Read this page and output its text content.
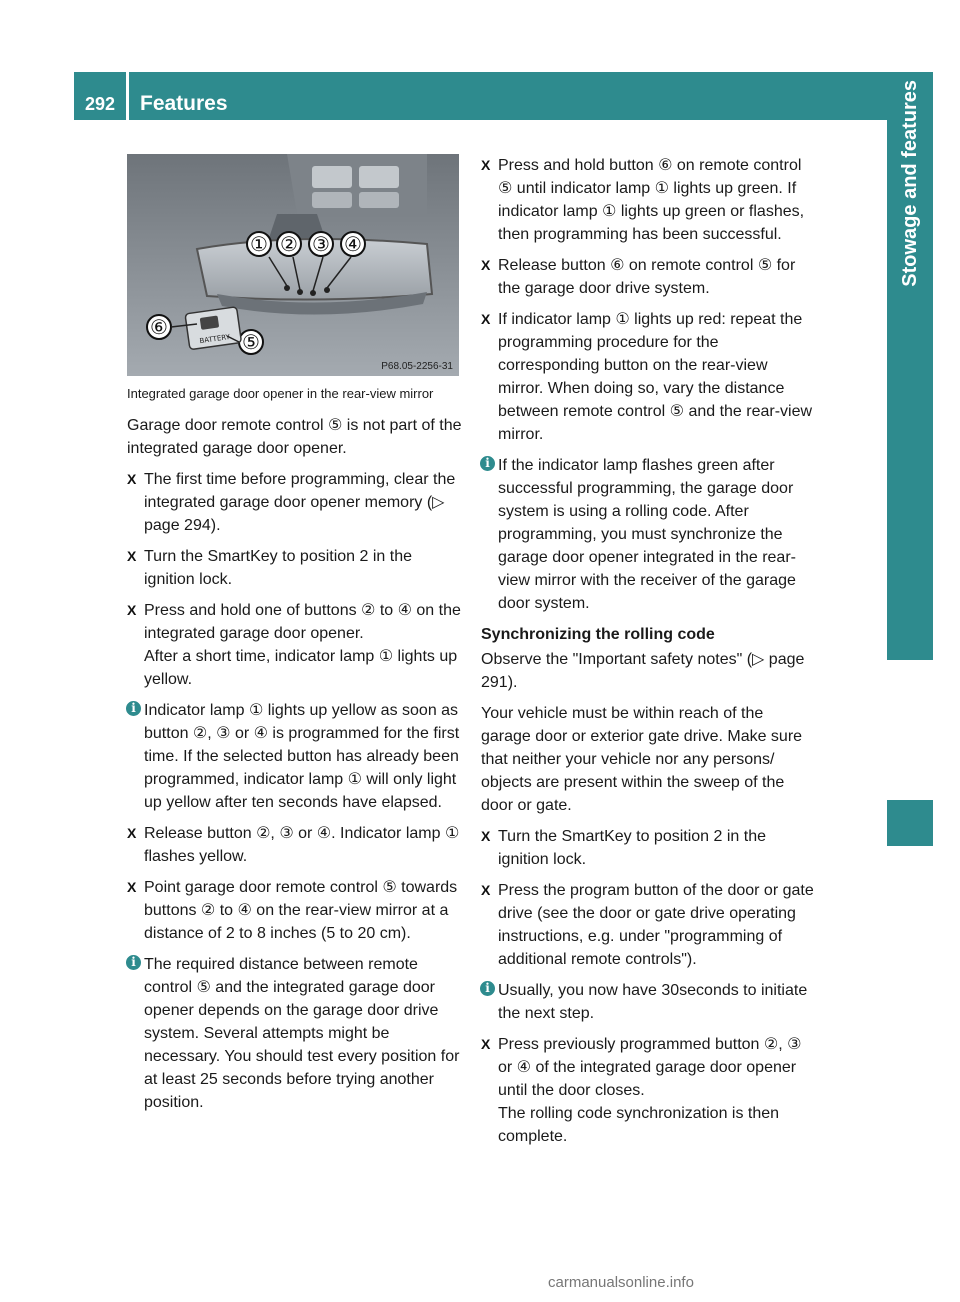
292	Features	Stowage and features
① ② ③ ④
⑤
⑥
BATTERY
P68.05-2256-31
Integrated garage door opener in the rear-view mirror

Garage door remote control ⑤ is not part of the integrated garage door opener.

X The first time before programming, clear the integrated garage door opener memory (▷ page 294).
X Turn the SmartKey to position 2 in the ignition lock.
X Press and hold one of buttons ② to ④ on the integrated garage door opener.
After a short time, indicator lamp ① lights up yellow.
i Indicator lamp ① lights up yellow as soon as button ②, ③ or ④ is programmed for the first time. If the selected button has already been programmed, indicator lamp ① will only light up yellow after ten seconds have elapsed.
X Release button ②, ③ or ④. Indicator lamp ① flashes yellow.
X Point garage door remote control ⑤ towards buttons ② to ④ on the rear-view mirror at a distance of 2 to 8 inches (5 to 20 cm).
i The required distance between remote control ⑤ and the integrated garage door opener depends on the garage door drive system. Several attempts might be necessary. You should test every position for at least 25 seconds before trying another position.
X Press and hold button ⑥ on remote control ⑤ until indicator lamp ① lights up green. If indicator lamp ① lights up green or flashes, then programming has been successful.
X Release button ⑥ on remote control ⑤ for the garage door drive system.
X If indicator lamp ① lights up red: repeat the programming procedure for the corresponding button on the rear-view mirror. When doing so, vary the distance between remote control ⑤ and the rear-view mirror.
i If the indicator lamp flashes green after successful programming, the garage door system is using a rolling code. After programming, you must synchronize the garage door opener integrated in the rear-view mirror with the receiver of the garage door system.
Synchronizing the rolling code

Observe the "Important safety notes" (▷ page 291).

Your vehicle must be within reach of the garage door or exterior gate drive. Make sure that neither your vehicle nor any persons/ objects are present within the sweep of the door or gate.

X Turn the SmartKey to position 2 in the ignition lock.
X Press the program button of the door or gate drive (see the door or gate drive operating instructions, e.g. under "programming of additional remote controls").
i Usually, you now have 30seconds to initiate the next step.
X Press previously programmed button ②, ③ or ④ of the integrated garage door opener until the door closes.
The rolling code synchronization is then complete.
carmanualsonline.info
